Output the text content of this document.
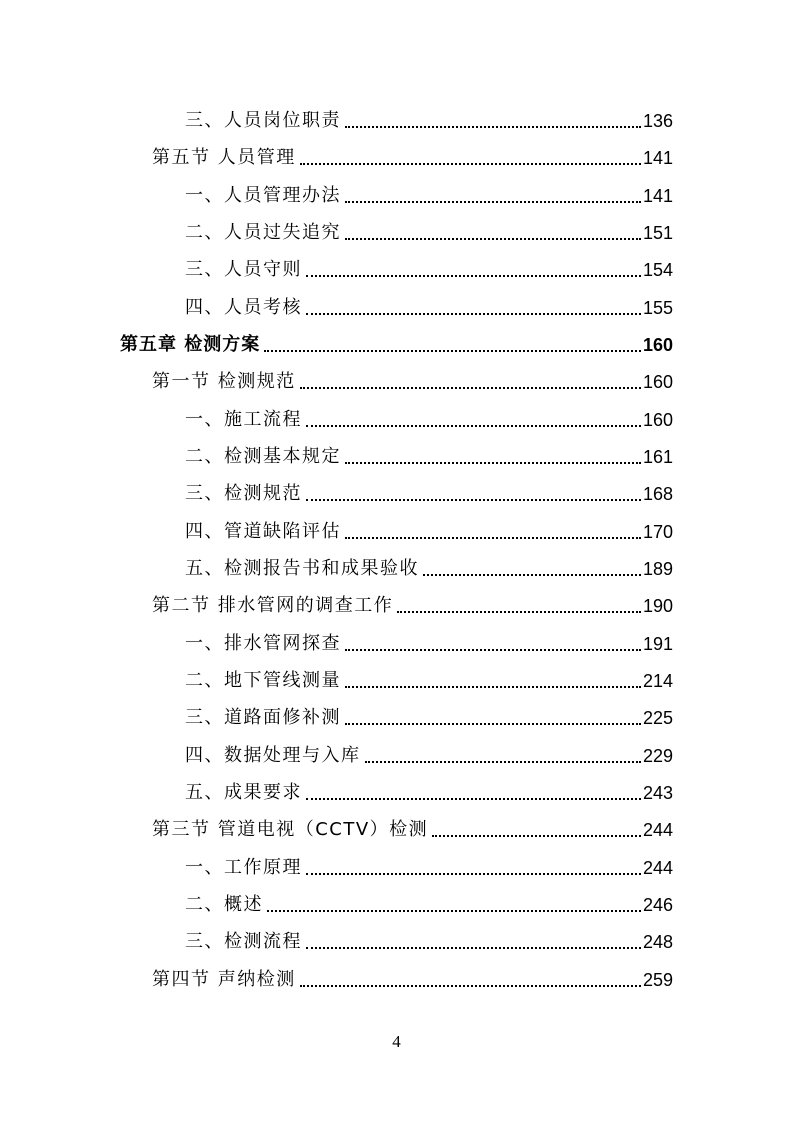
三、人员岗位职责	136
第五节 人员管理	141
一、人员管理办法	141
二、人员过失追究	151
三、人员守则	154
四、人员考核	155
第五章 检测方案	160
第一节 检测规范	160
一、施工流程	160
二、检测基本规定	161
三、检测规范	168
四、管道缺陷评估	170
五、检测报告书和成果验收	189
第二节 排水管网的调查工作	190
一、排水管网探查	191
二、地下管线测量	214
三、道路面修补测	225
四、数据处理与入库	229
五、成果要求	243
第三节 管道电视（CCTV）检测	244
一、工作原理	244
二、概述	246
三、检测流程	248
第四节 声纳检测	259
4
